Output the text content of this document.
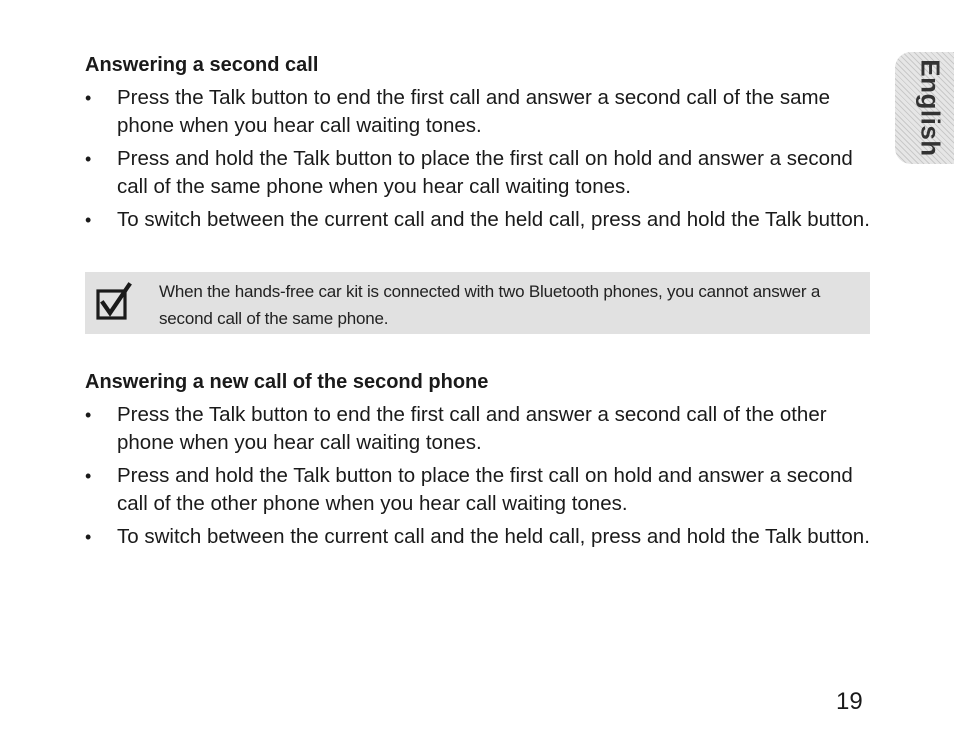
English
Answering a second call
• Press the Talk button to end the first call and answer a second call of the same phone when you hear call waiting tones.
• Press and hold the Talk button to place the first call on hold and answer a second call of the same phone when you hear call waiting tones.
• To switch between the current call and the held call, press and hold the Talk button.
When the hands-free car kit is connected with two Bluetooth phones, you cannot answer a second call of the same phone.
Answering a new call of the second phone
• Press the Talk button to end the first call and answer a second call of the other phone when you hear call waiting tones.
• Press and hold the Talk button to place the first call on hold and answer a second call of the other phone when you hear call waiting tones.
• To switch between the current call and the held call, press and hold the Talk button.
19
